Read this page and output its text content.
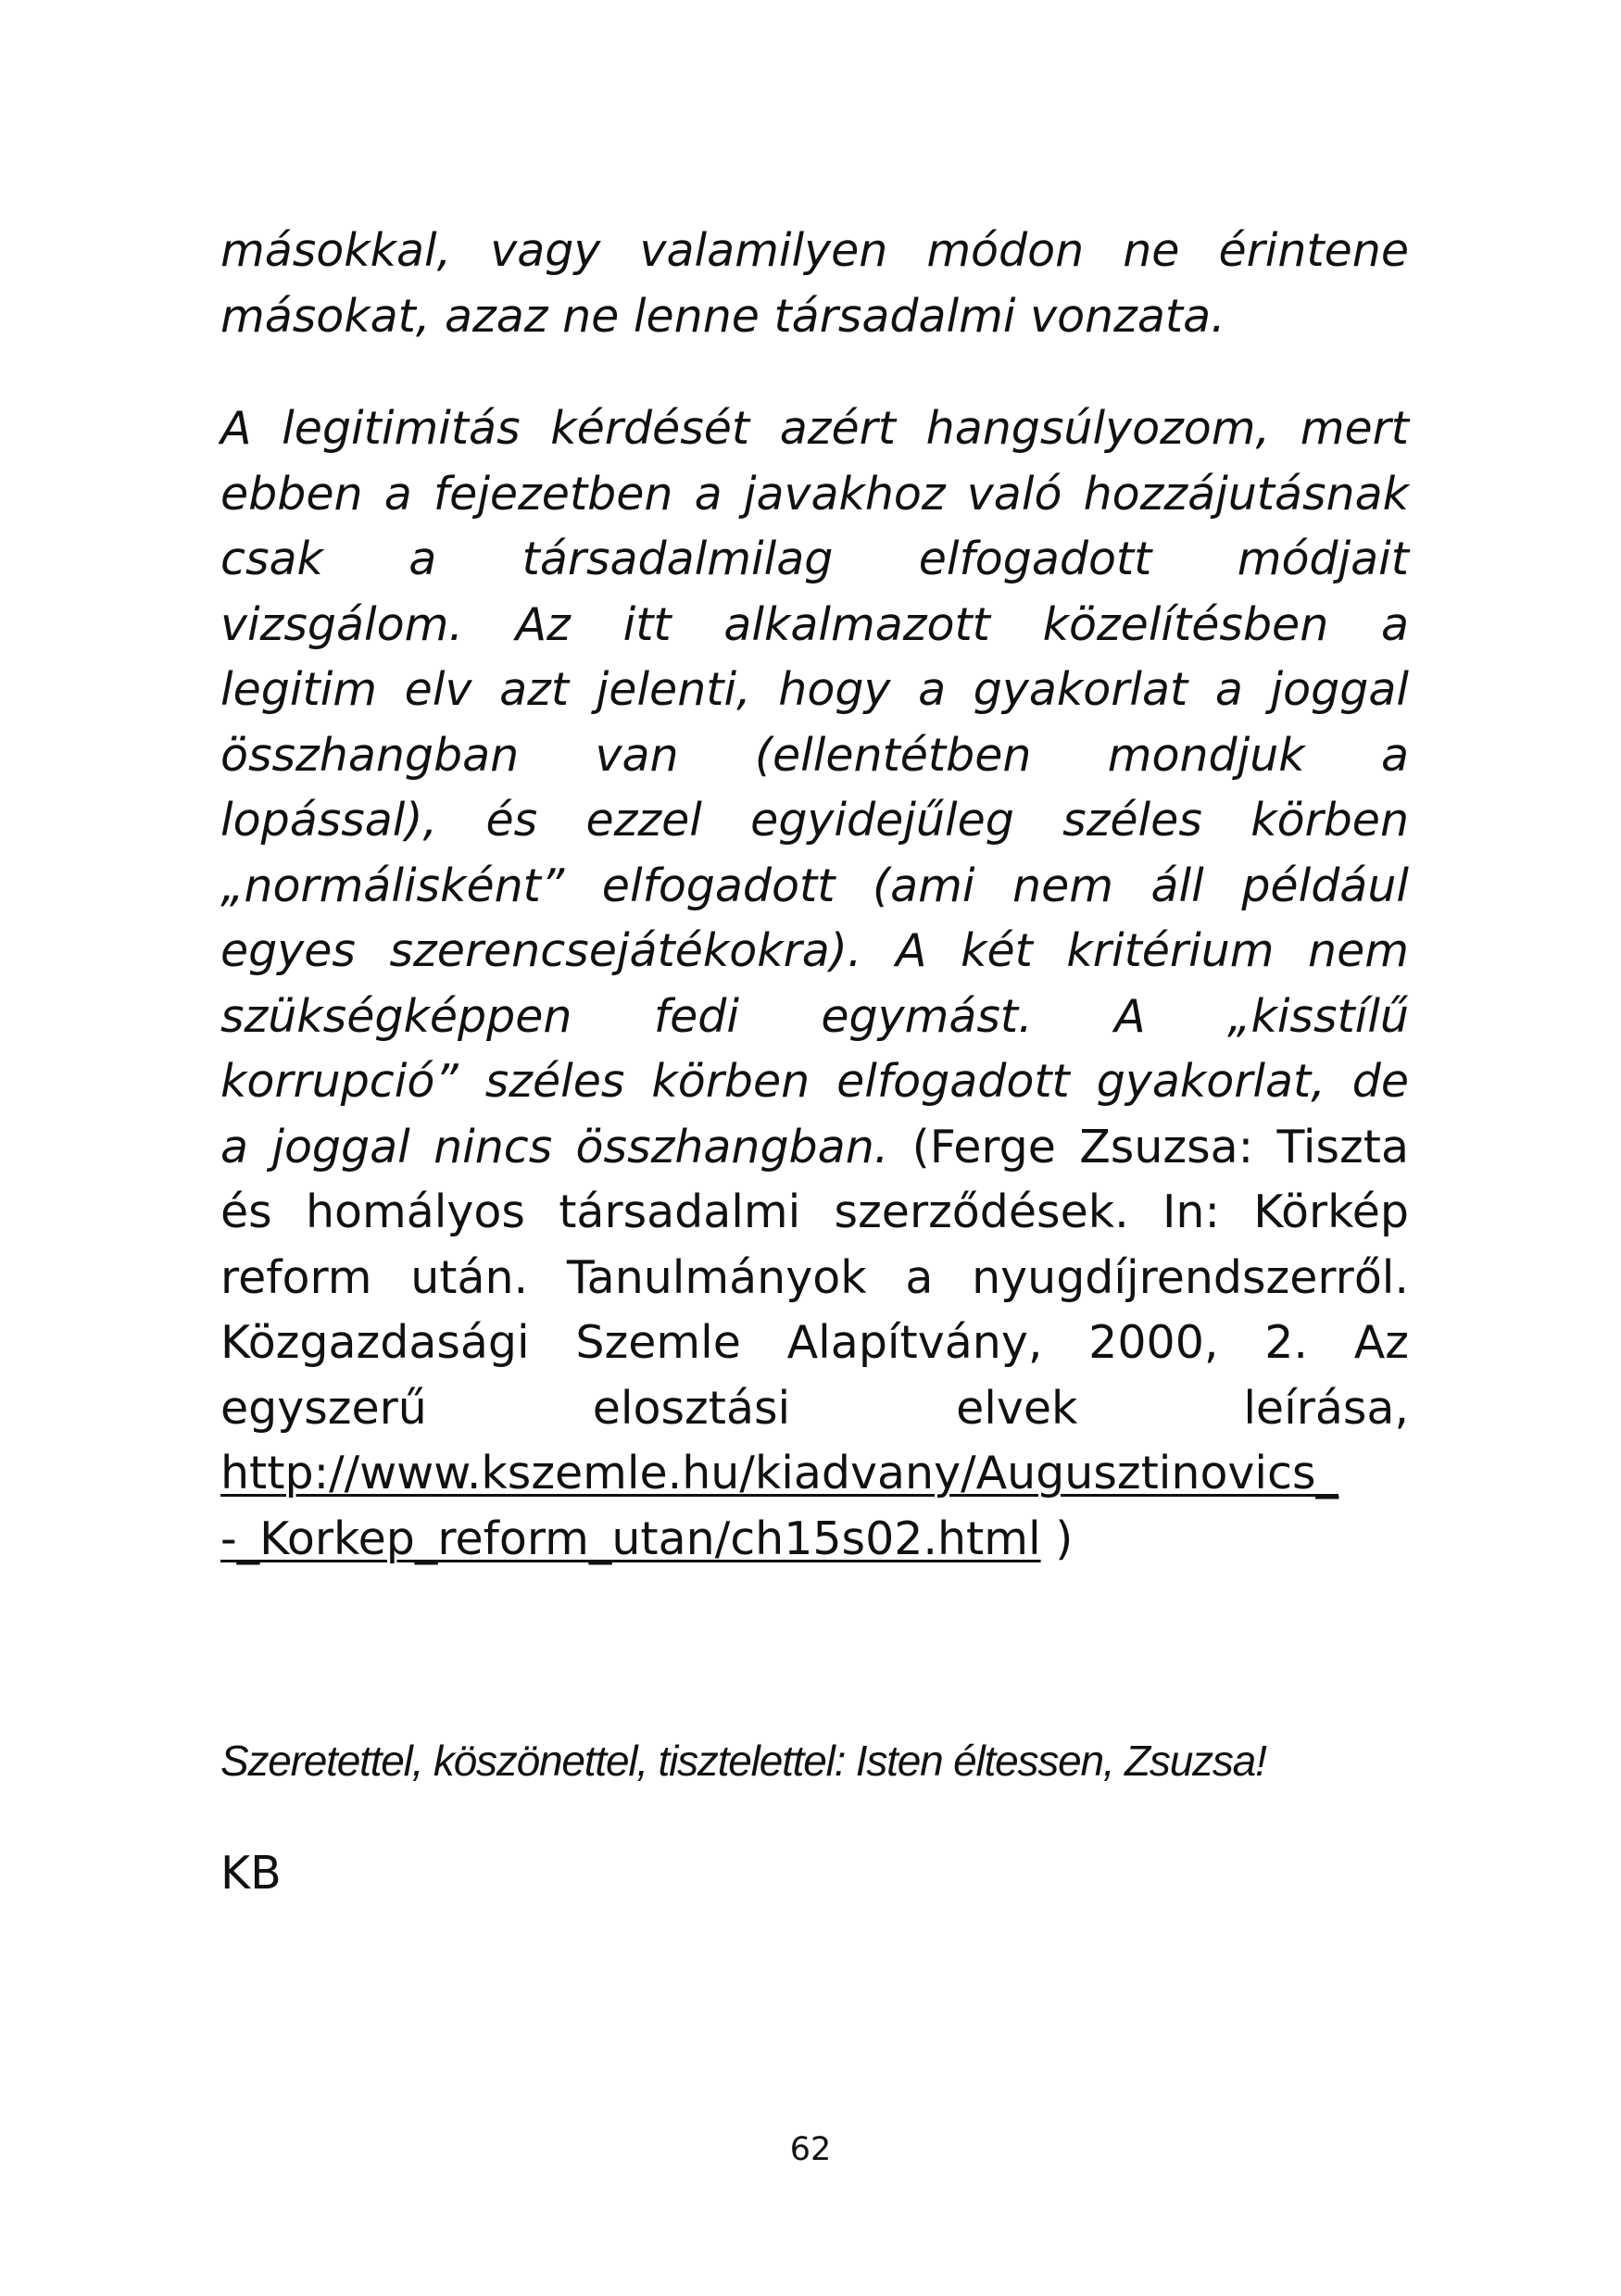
másokkal, vagy valamilyen módon ne érintene
másokat, azaz ne lenne társadalmi vonzata.
A legitimitás kérdését azért hangsúlyozom, mert
ebben a fejezetben a javakhoz való hozzájutásnak
csak a társadalmilag elfogadott módjait
vizsgálom. Az itt alkalmazott közelítésben a
legitim elv azt jelenti, hogy a gyakorlat a joggal
összhangban van (ellentétben mondjuk a
lopással), és ezzel egyidejűleg széles körben
„normálisként” elfogadott (ami nem áll például
egyes szerencsejátékokra). A két kritérium nem
szükségképpen fedi egymást. A „kisstílű
korrupció” széles körben elfogadott gyakorlat, de
a joggal nincs összhangban. (Ferge Zsuzsa: Tiszta
és homályos társadalmi szerződések. In: Körkép
reform után. Tanulmányok a nyugdíjrendszerről.
Közgazdasági Szemle Alapítvány, 2000, 2. Az
egyszerű elosztási elvek leírása,
http://www.kszemle.hu/kiadvany/Augusztinovics_
-_Korkep_reform_utan/ch15s02.html )
Szeretettel, köszönettel, tisztelettel: Isten éltessen, Zsuzsa!
KB
62
